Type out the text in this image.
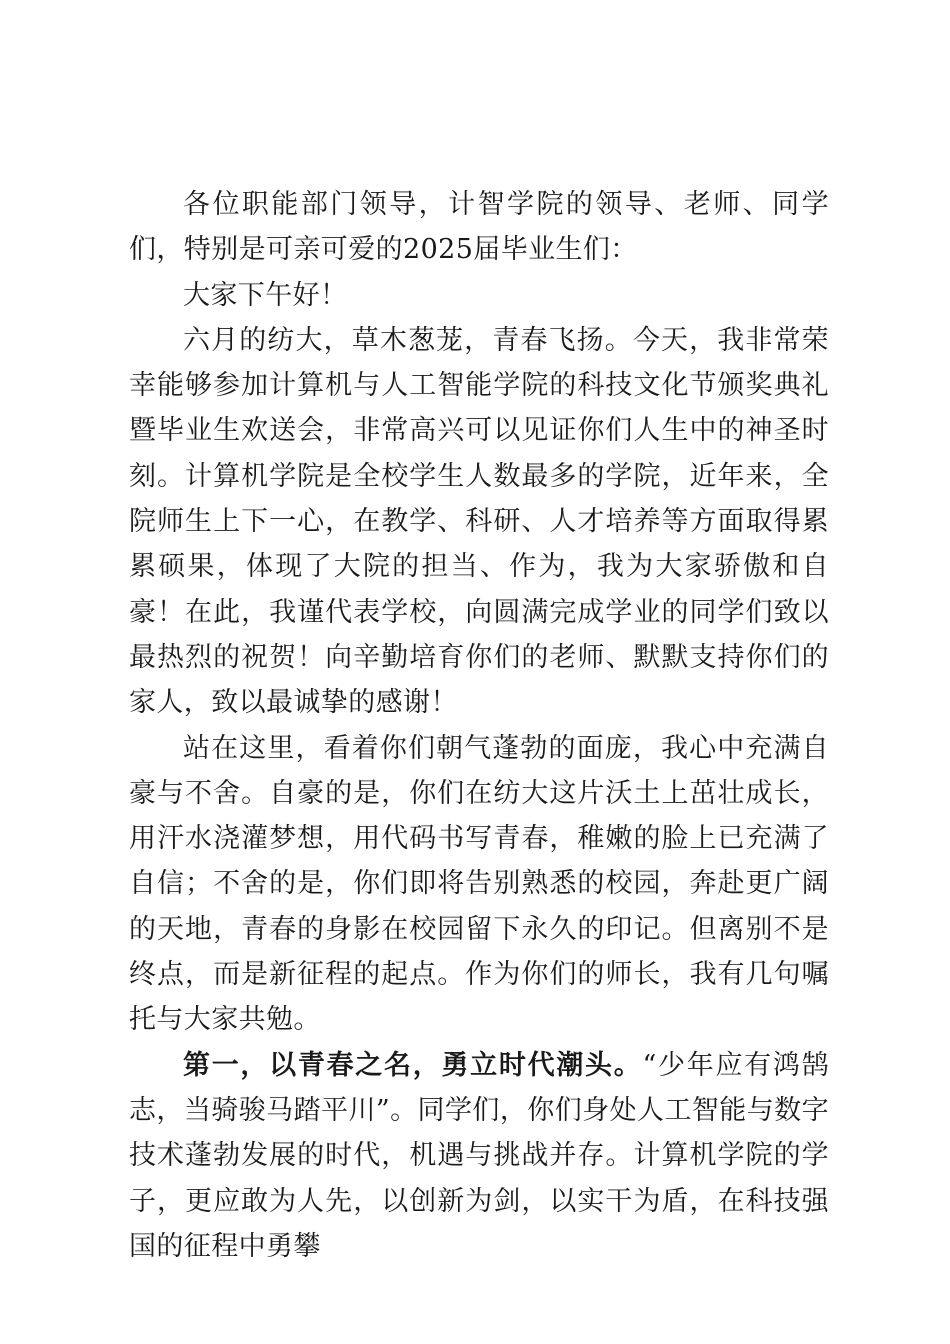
各位职能部门领导，计智学院的领导、老师、同学们，特别是可亲可爱的2025届毕业生们：

大家下午好！

六月的纺大，草木葱茏，青春飞扬。今天，我非常荣幸能够参加计算机与人工智能学院的科技文化节颁奖典礼暨毕业生欢送会，非常高兴可以见证你们人生中的神圣时刻。计算机学院是全校学生人数最多的学院，近年来，全院师生上下一心，在教学、科研、人才培养等方面取得累累硕果，体现了大院的担当、作为，我为大家骄傲和自豪！在此，我谨代表学校，向圆满完成学业的同学们致以最热烈的祝贺！向辛勤培育你们的老师、默默支持你们的家人，致以最诚挚的感谢！

站在这里，看着你们朝气蓬勃的面庞，我心中充满自豪与不舍。自豪的是，你们在纺大这片沃土上茁壮成长，用汗水浇灌梦想，用代码书写青春，稚嫩的脸上已充满了自信；不舍的是，你们即将告别熟悉的校园，奔赴更广阔的天地，青春的身影在校园留下永久的印记。但离别不是终点，而是新征程的起点。作为你们的师长，我有几句嘱托与大家共勉。

第一，以青春之名，勇立时代潮头。“少年应有鸿鹄志，当骑骏马踏平川”。同学们，你们身处人工智能与数字技术蓬勃发展的时代，机遇与挑战并存。计算机学院的学子，更应敢为人先，以创新为剑，以实干为盾，在科技强国的征程中勇攀
